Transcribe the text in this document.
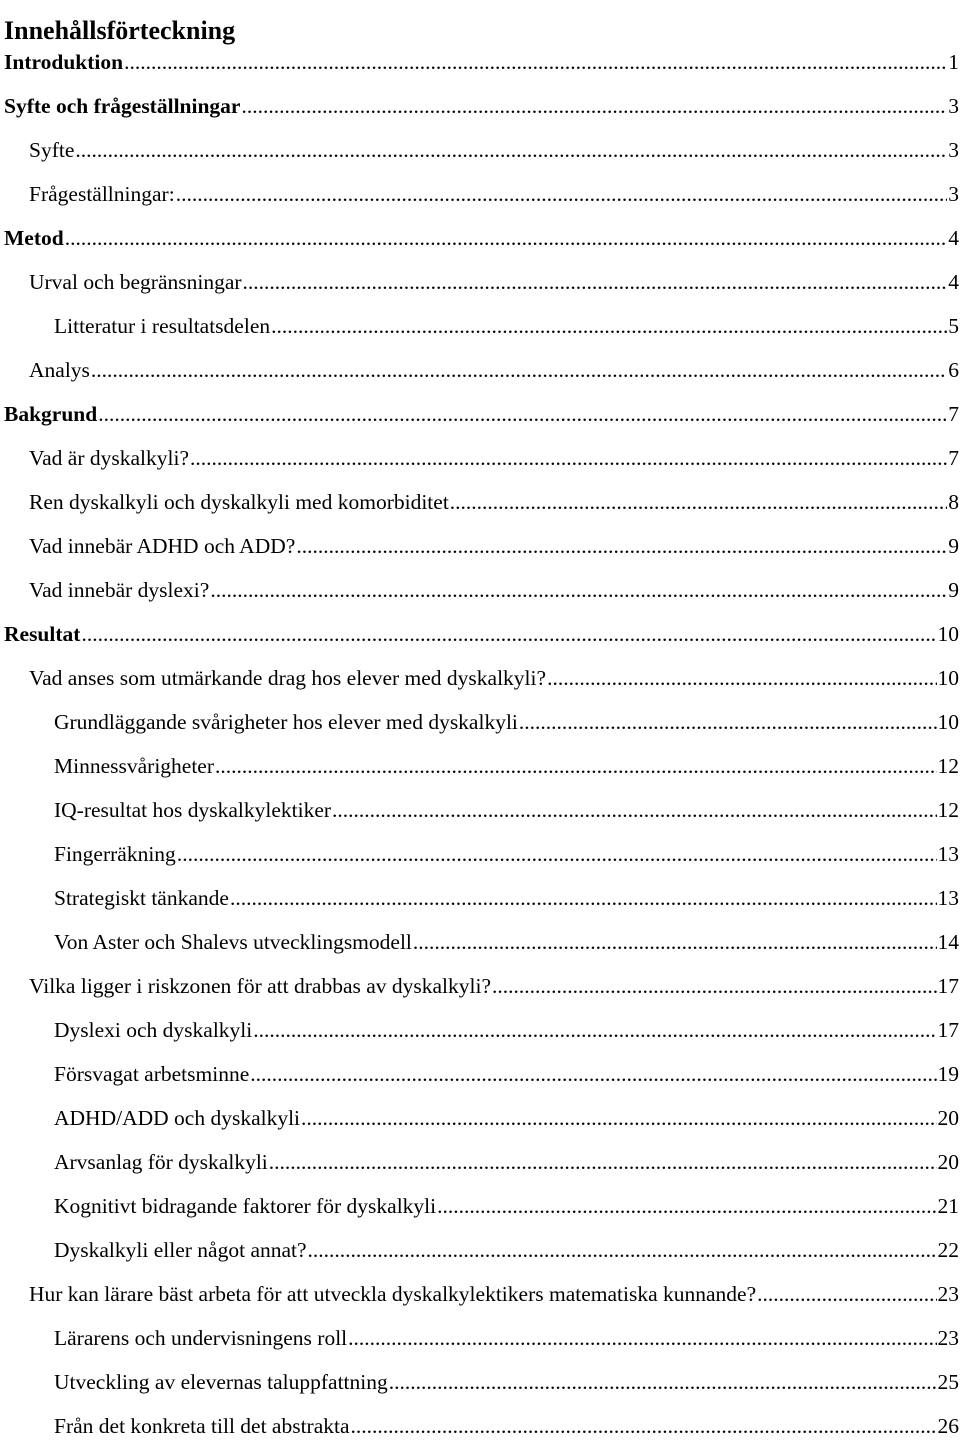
Innehållsförteckning
Introduktion .....	1
Syfte och frågeställningar .....	3
Syfte .....	3
Frågeställningar: .....	3
Metod .....	4
Urval och begränsningar .....	4
Litteratur i resultatsdelen .....	5
Analys .....	6
Bakgrund .....	7
Vad är dyskalkyli? .....	7
Ren dyskalkyli och dyskalkyli med komorbiditet .....	8
Vad innebär ADHD och ADD? .....	9
Vad innebär dyslexi? .....	9
Resultat .....	10
Vad anses som utmärkande drag hos elever med dyskalkyli? .....	10
Grundläggande svårigheter hos elever med dyskalkyli .....	10
Minnessvårigheter .....	12
IQ-resultat hos dyskalkylektiker .....	12
Fingerräkning .....	13
Strategiskt tänkande .....	13
Von Aster och Shalevs utvecklingsmodell .....	14
Vilka ligger i riskzonen för att drabbas av dyskalkyli? .....	17
Dyslexi och dyskalkyli .....	17
Försvagat arbetsminne .....	19
ADHD/ADD och dyskalkyli .....	20
Arvsanlag för dyskalkyli .....	20
Kognitivt bidragande faktorer för dyskalkyli .....	21
Dyskalkyli eller något annat? .....	22
Hur kan lärare bäst arbeta för att utveckla dyskalkylektikers matematiska kunnande? .....	23
Lärarens och undervisningens roll .....	23
Utveckling av elevernas taluppfattning .....	25
Från det konkreta till det abstrakta .....	26
